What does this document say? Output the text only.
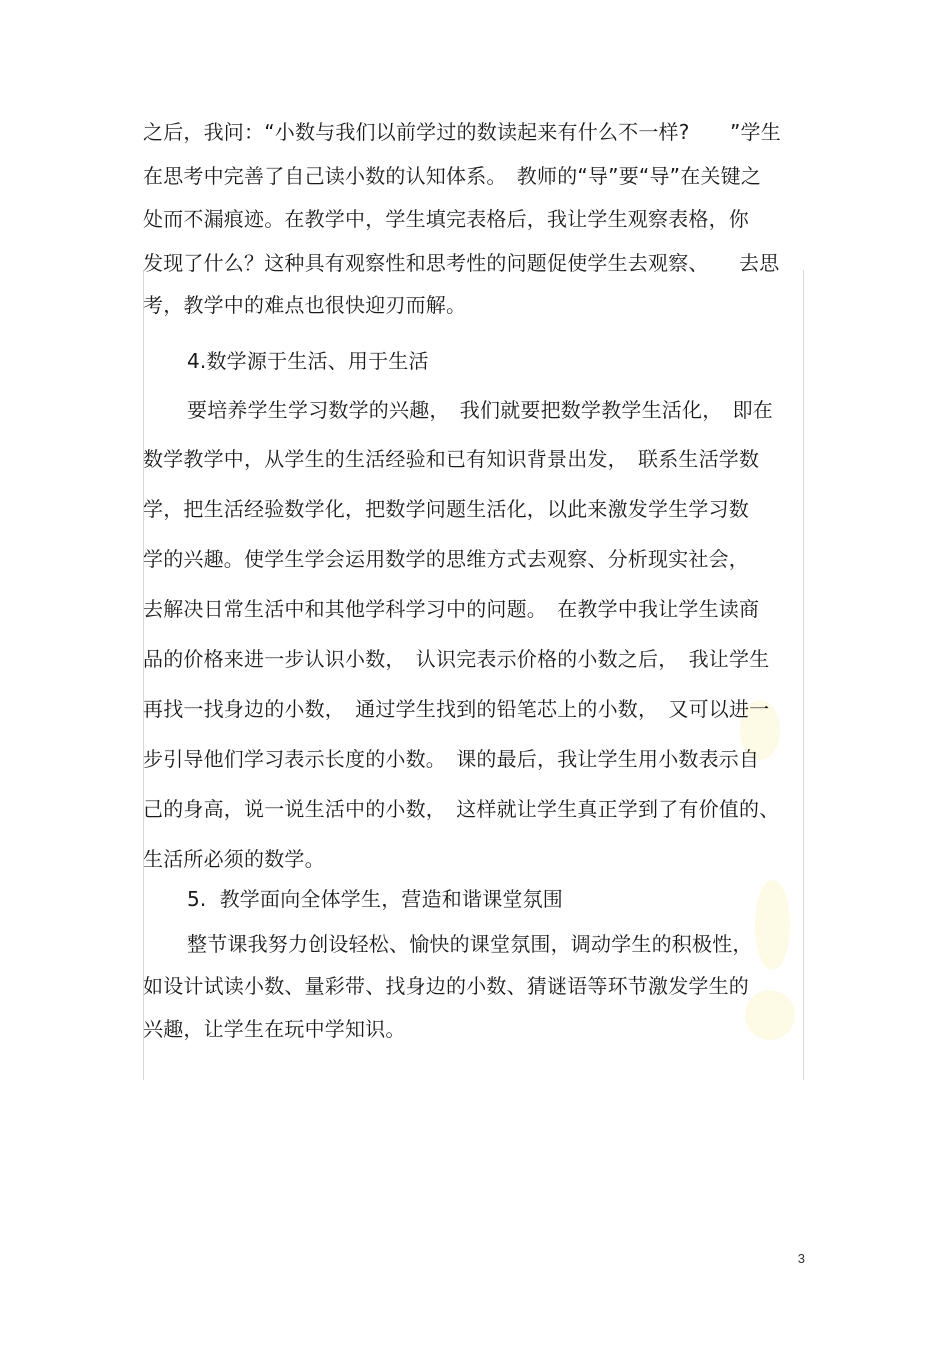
之后，我问：“小数与我们以前学过的数读起来有什么不一样?　　”学生
在思考中完善了自己读小数的认知体系。　教师的“导”要“导”在关键之
处而不漏痕迹。在教学中，学生填完表格后，我让学生观察表格，你
发现了什么？这种具有观察性和思考性的问题促使学生去观察、　　去思
考，教学中的难点也很快迎刃而解。
4.数学源于生活、用于生活
要培养学生学习数学的兴趣，　我们就要把数学教学生活化，　即在
数学教学中，从学生的生活经验和已有知识背景出发，　联系生活学数
学，把生活经验数学化，把数学问题生活化，以此来激发学生学习数
学的兴趣。使学生学会运用数学的思维方式去观察、分析现实社会，
去解决日常生活中和其他学科学习中的问题。　在教学中我让学生读商
品的价格来进一步认识小数，　认识完表示价格的小数之后，　我让学生
再找一找身边的小数，　通过学生找到的铅笔芯上的小数，　又可以进一
步引导他们学习表示长度的小数。　课的最后，我让学生用小数表示自
己的身高，说一说生活中的小数，　这样就让学生真正学到了有价值的、
生活所必须的数学。
5.  教学面向全体学生，营造和谐课堂氛围
整节课我努力创设轻松、愉快的课堂氛围，调动学生的积极性，
如设计试读小数、量彩带、找身边的小数、猜谜语等环节激发学生的
兴趣，让学生在玩中学知识。
3
